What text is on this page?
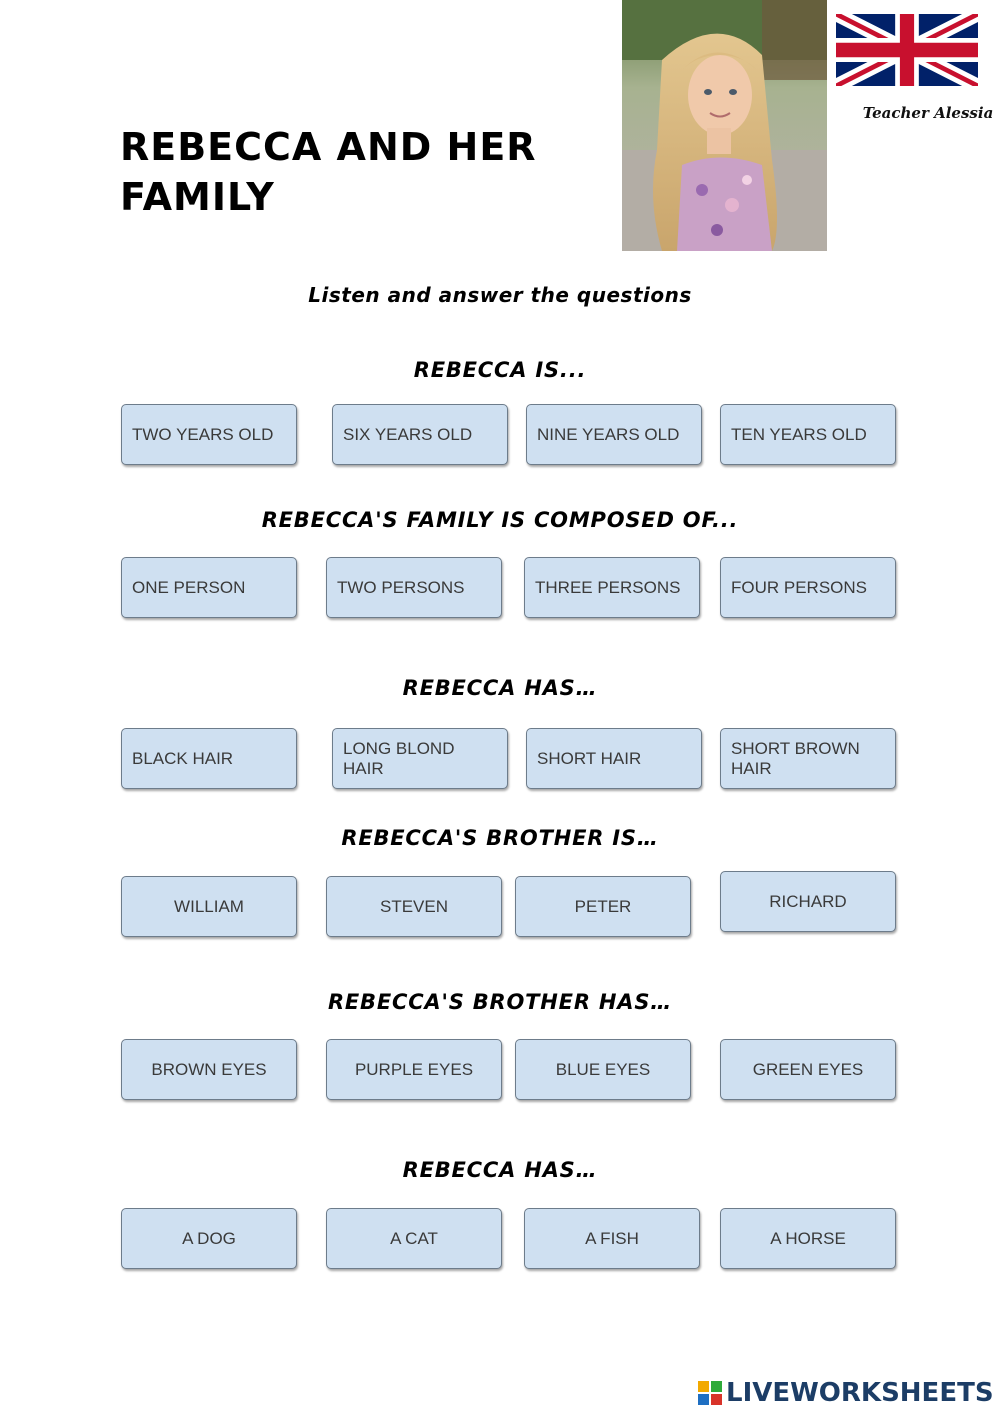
REBECCA AND HER
FAMILY
Teacher Alessia
Listen and answer the questions
REBECCA IS...
TWO YEARS OLD	SIX YEARS OLD	NINE YEARS OLD	TEN YEARS OLD
REBECCA'S FAMILY IS COMPOSED OF...
ONE PERSON	TWO PERSONS	THREE PERSONS	FOUR PERSONS
REBECCA HAS…
BLACK HAIR
LONG BLOND HAIR
SHORT HAIR
SHORT BROWN HAIR
REBECCA'S BROTHER IS…
WILLIAM	STEVEN	PETER	RICHARD
REBECCA'S BROTHER HAS…
BROWN EYES	PURPLE EYES	BLUE EYES	GREEN EYES
REBECCA HAS…
A DOG	A CAT	A FISH	A HORSE
LIVEWORKSHEETS
